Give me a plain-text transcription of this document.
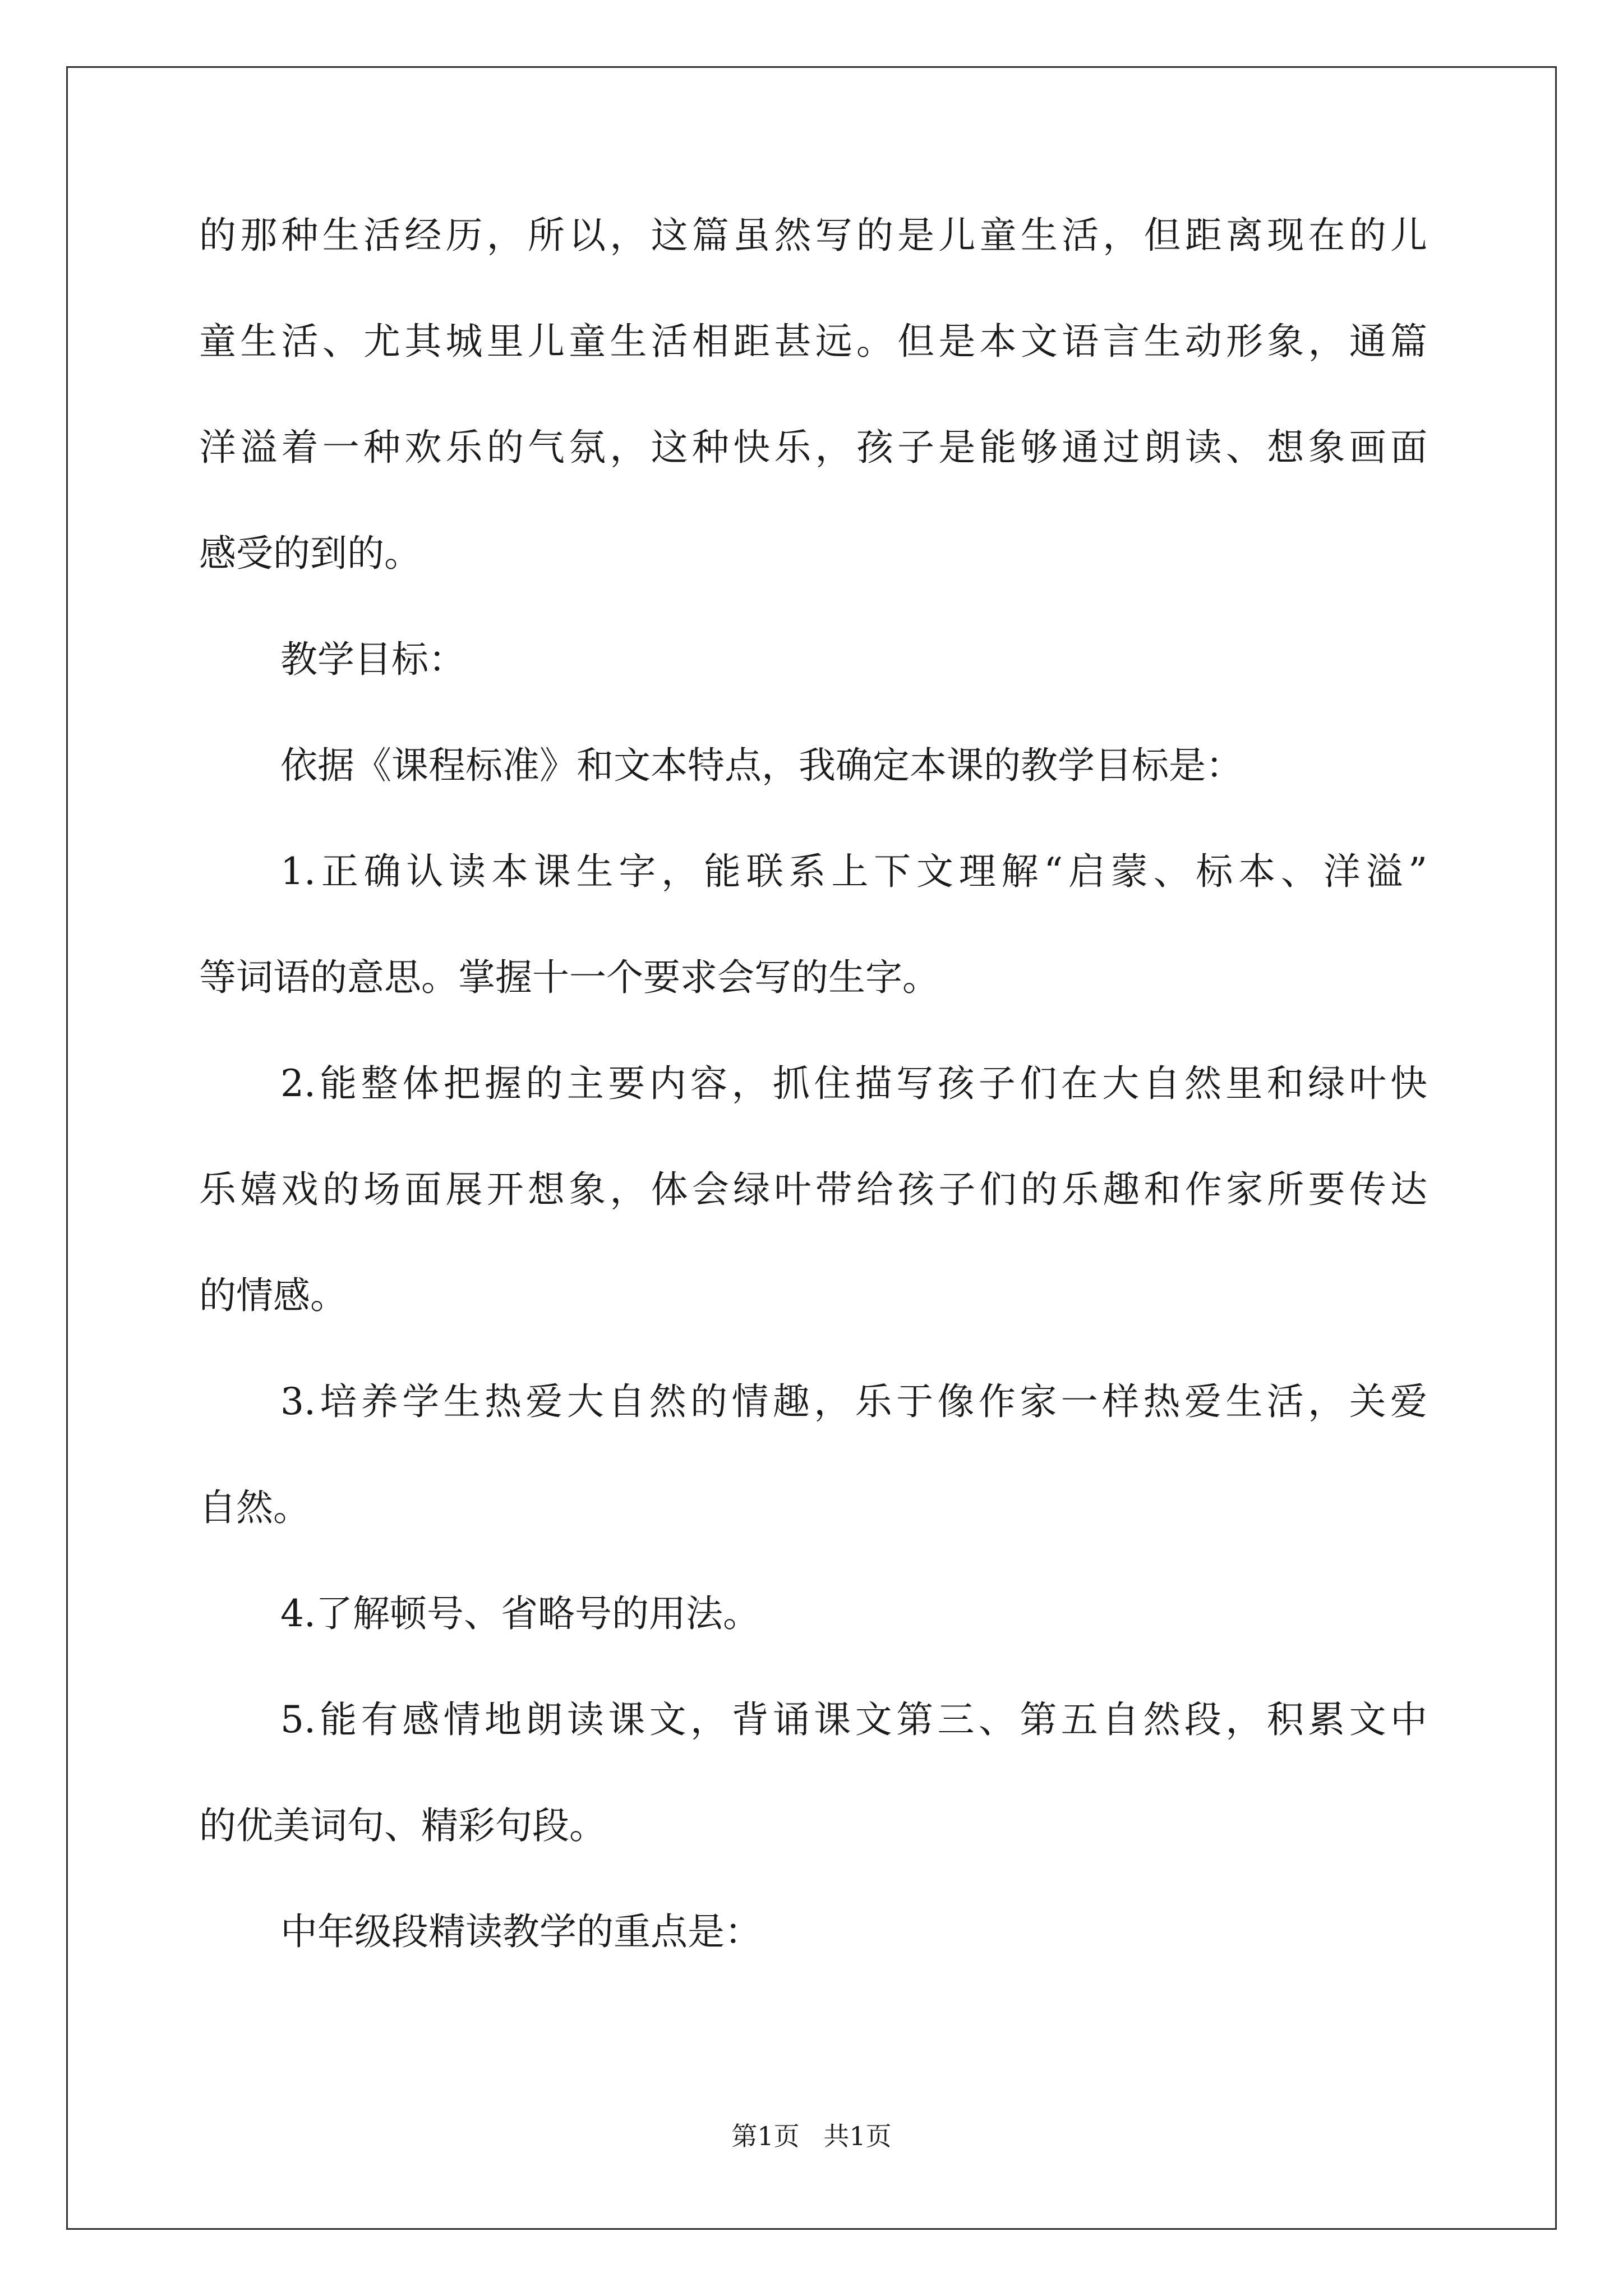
的那种生活经历，所以，这篇虽然写的是儿童生活，但距离现在的儿
童生活、尤其城里儿童生活相距甚远。但是本文语言生动形象，通篇
洋溢着一种欢乐的气氛，这种快乐，孩子是能够通过朗读、想象画面
感受的到的。
教学目标：
依据《课程标准》和文本特点，我确定本课的教学目标是：
1.正确认读本课生字，能联系上下文理解“启蒙、标本、洋溢”
等词语的意思。掌握十一个要求会写的生字。
2.能整体把握的主要内容，抓住描写孩子们在大自然里和绿叶快
乐嬉戏的场面展开想象，体会绿叶带给孩子们的乐趣和作家所要传达
的情感。
3.培养学生热爱大自然的情趣，乐于像作家一样热爱生活，关爱
自然。
4.了解顿号、省略号的用法。
5.能有感情地朗读课文，背诵课文第三、第五自然段，积累文中
的优美词句、精彩句段。
中年级段精读教学的重点是：
第1页 共1页
